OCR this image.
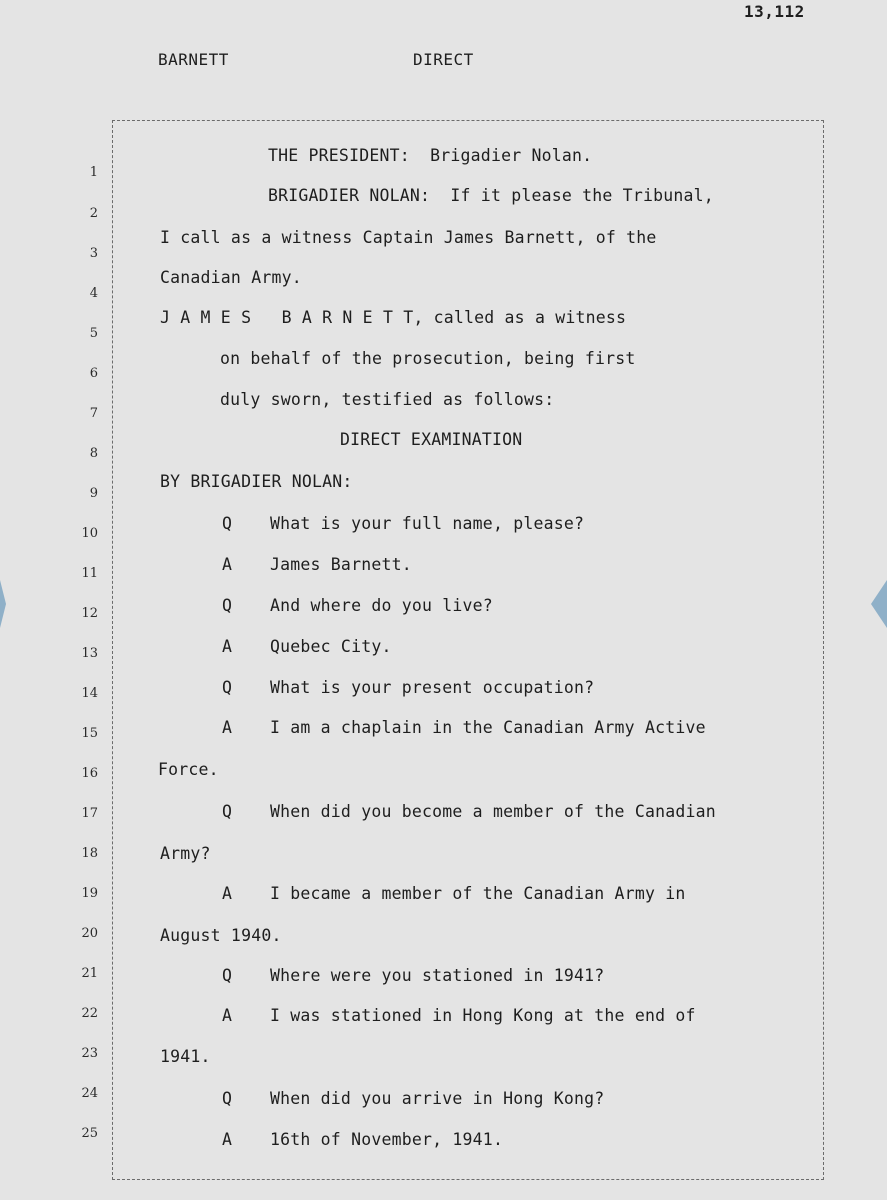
13,112
BARNETT	DIRECT
1
2
3
4
5
6
7
8
9
10
11
12
13
14
15
16
17
18
19
20
21
22
23
24
25
THE PRESIDENT:  Brigadier Nolan.
BRIGADIER NOLAN:  If it please the Tribunal,
I call as a witness Captain James Barnett, of the
Canadian Army.
J A M E S   B A R N E T T, called as a witness
on behalf of the prosecution, being first
duly sworn, testified as follows:
DIRECT EXAMINATION
BY BRIGADIER NOLAN:
Q What is your full name, please?
A James Barnett.
Q And where do you live?
A Quebec City.
Q What is your present occupation?
A I am a chaplain in the Canadian Army Active
Force.
Q When did you become a member of the Canadian
Army?
A I became a member of the Canadian Army in
August 1940.
Q Where were you stationed in 1941?
A I was stationed in Hong Kong at the end of
1941.
Q When did you arrive in Hong Kong?
A 16th of November, 1941.
